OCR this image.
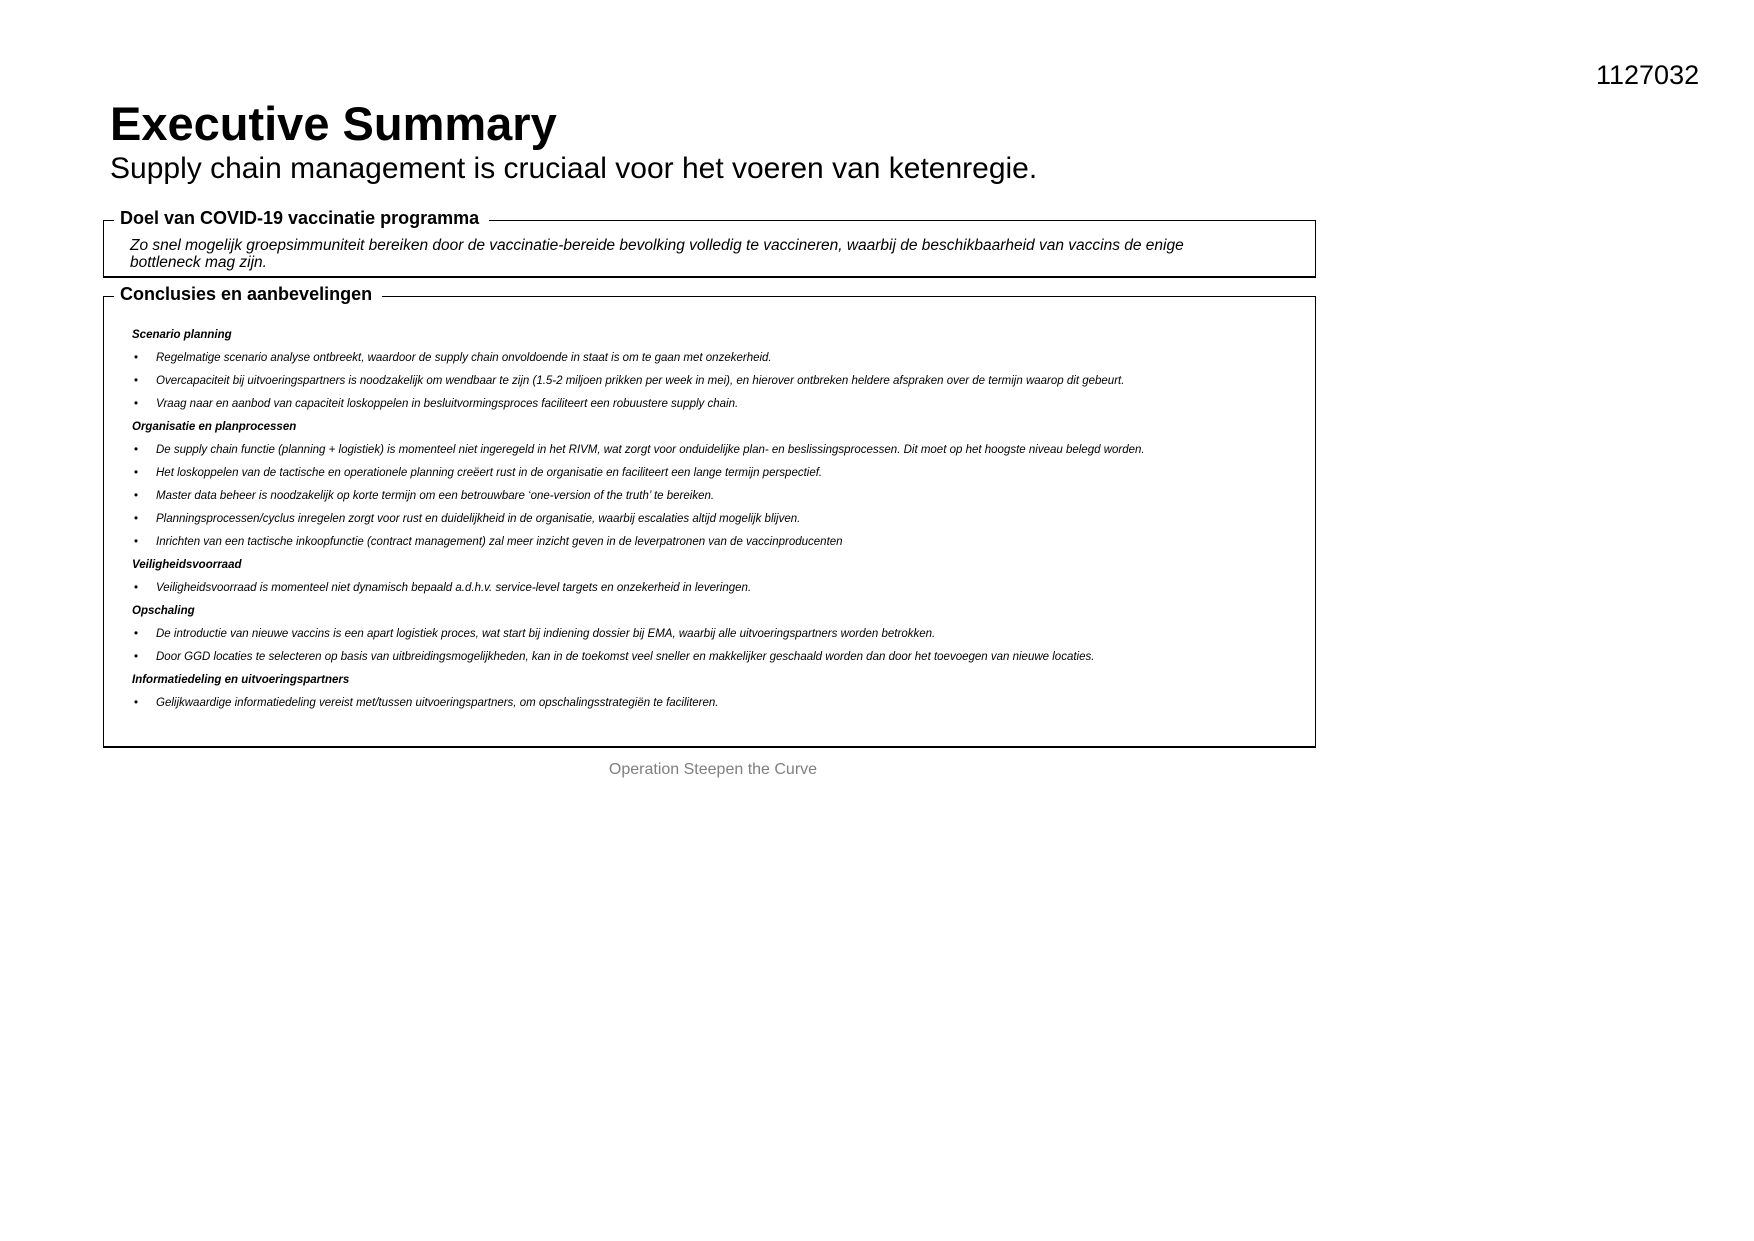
1127032
Executive Summary
Supply chain management is cruciaal voor het voeren van ketenregie.
Doel van COVID-19 vaccinatie programma
Zo snel mogelijk groepsimmuniteit bereiken door de vaccinatie-bereide bevolking volledig te vaccineren, waarbij de beschikbaarheid van vaccins de enige bottleneck mag zijn.
Conclusies en aanbevelingen
Scenario planning
• Regelmatige scenario analyse ontbreekt, waardoor de supply chain onvoldoende in staat is om te gaan met onzekerheid.
• Overcapaciteit bij uitvoeringspartners is noodzakelijk om wendbaar te zijn (1.5-2 miljoen prikken per week in mei), en hierover ontbreken heldere afspraken over de termijn waarop dit gebeurt.
• Vraag naar en aanbod van capaciteit loskoppelen in besluitvormingsproces faciliteert een robuustere supply chain.
Organisatie en planprocessen
• De supply chain functie (planning + logistiek) is momenteel niet ingeregeld in het RIVM, wat zorgt voor onduidelijke plan- en beslissingsprocessen. Dit moet op het hoogste niveau belegd worden.
• Het loskoppelen van de tactische en operationele planning creëert rust in de organisatie en faciliteert een lange termijn perspectief.
• Master data beheer is noodzakelijk op korte termijn om een betrouwbare ‘one-version of the truth’ te bereiken.
• Planningsprocessen/cyclus inregelen zorgt voor rust en duidelijkheid in de organisatie, waarbij escalaties altijd mogelijk blijven.
• Inrichten van een tactische inkoopfunctie (contract management) zal meer inzicht geven in de leverpatronen van de vaccinproducenten
Veiligheidsvoorraad
• Veiligheidsvoorraad is momenteel niet dynamisch bepaald a.d.h.v. service-level targets en onzekerheid in leveringen.
Opschaling
• De introductie van nieuwe vaccins is een apart logistiek proces, wat start bij indiening dossier bij EMA, waarbij alle uitvoeringspartners worden betrokken.
• Door GGD locaties te selecteren op basis van uitbreidingsmogelijkheden, kan in de toekomst veel sneller en makkelijker geschaald worden dan door het toevoegen van nieuwe locaties.
Informatiedeling en uitvoeringspartners
• Gelijkwaardige informatiedeling vereist met/tussen uitvoeringspartners, om opschalingsstrategiën te faciliteren.
Operation Steepen the Curve
